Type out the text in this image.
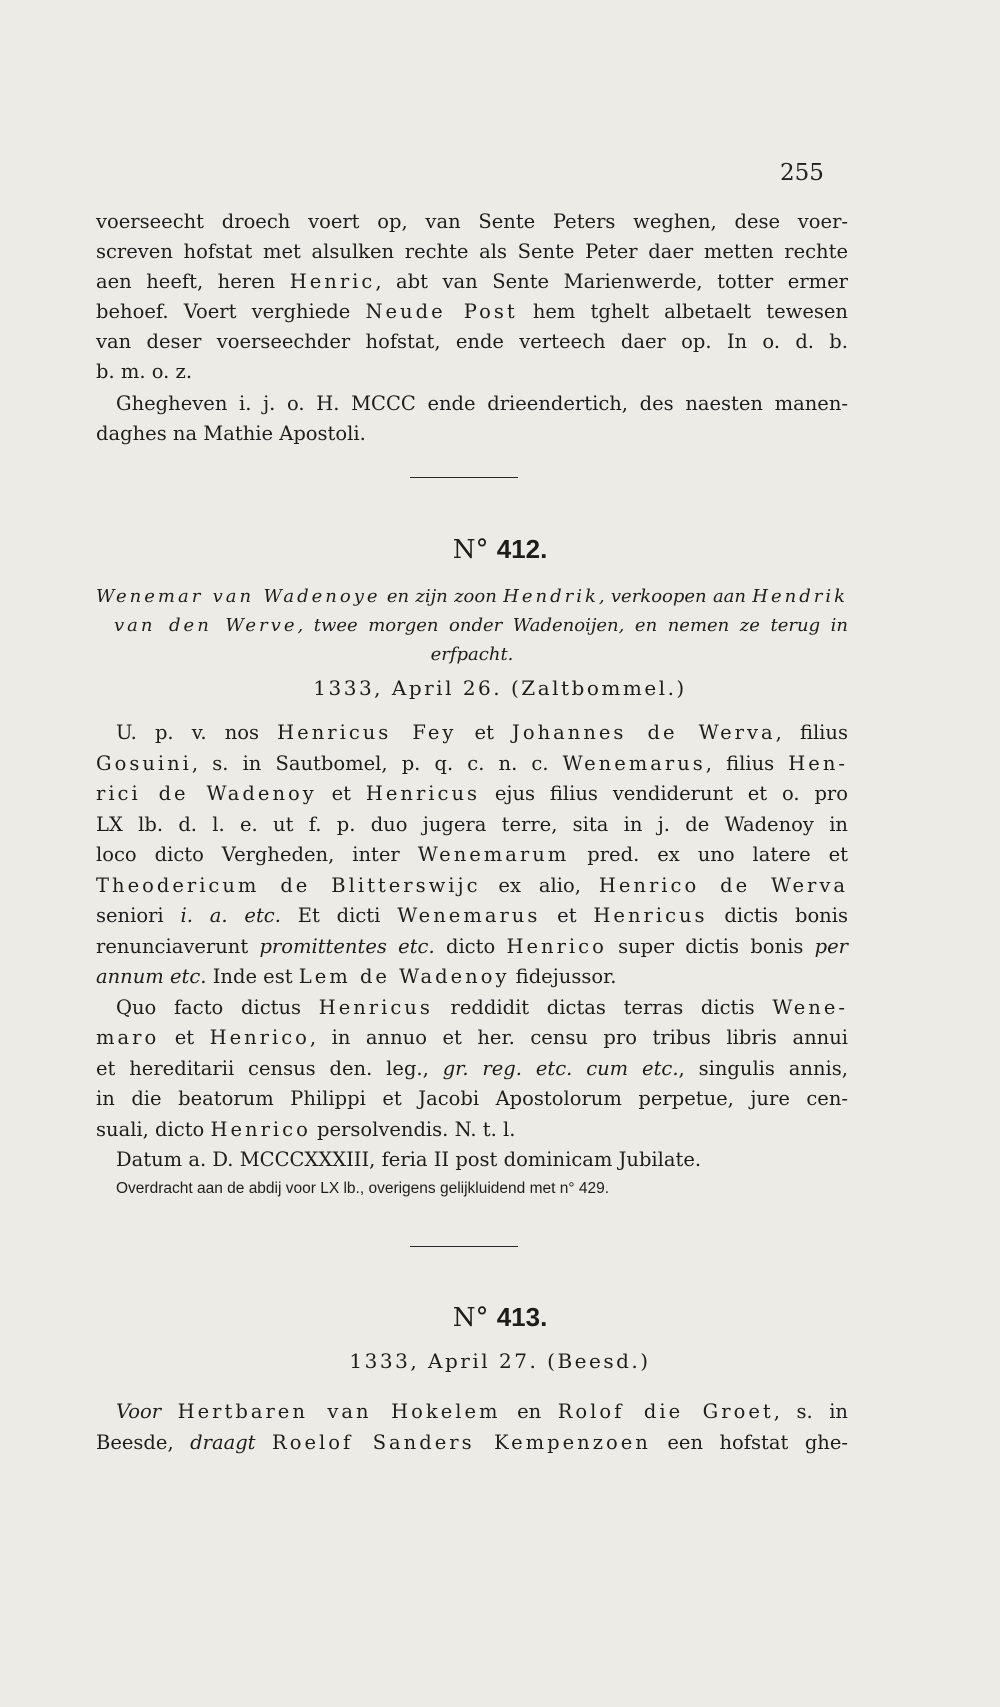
255
voerseecht droech voert op, van Sente Peters weghen, dese voer-
screven hofstat met alsulken rechte als Sente Peter daer metten rechte
aen heeft, heren Henric, abt van Sente Marienwerde, totter ermer
behoef. Voert verghiede Neude Post hem tghelt albetaelt tewesen
van deser voerseechder hofstat, ende verteech daer op. In o. d. b.
b. m. o. z.
Ghegheven i. j. o. H. MCCC ende drieendertich, des naesten manen-
daghes na Mathie Apostoli.
N° 412.
Wenemar van Wadenoye en zijn zoon Hendrik, verkoopen aan Hendrik
van den Werve, twee morgen onder Wadenoijen, en nemen ze terug in
erfpacht.
1333, April 26. (Zaltbommel.)
U. p. v. nos Henricus Fey et Johannes de Werva, filius
Gosuini, s. in Sautbomel, p. q. c. n. c. Wenemarus, filius Hen-
rici de Wadenoy et Henricus ejus filius vendiderunt et o. pro
LX lb. d. l. e. ut f. p. duo jugera terre, sita in j. de Wadenoy in
loco dicto Vergheden, inter Wenemarum pred. ex uno latere et
Theodericum de Blitterswijc ex alio, Henrico de Werva
seniori i. a. etc. Et dicti Wenemarus et Henricus dictis bonis
renunciaverunt promittentes etc. dicto Henrico super dictis bonis per
annum etc. Inde est Lem de Wadenoy fidejussor.
Quo facto dictus Henricus reddidit dictas terras dictis Wene-
maro et Henrico, in annuo et her. censu pro tribus libris annui
et hereditarii census den. leg., gr. reg. etc. cum etc., singulis annis,
in die beatorum Philippi et Jacobi Apostolorum perpetue, jure cen-
suali, dicto Henrico persolvendis. N. t. l.
Datum a. D. MCCCXXXIII, feria II post dominicam Jubilate.
Overdracht aan de abdij voor LX lb., overigens gelijkluidend met n° 429.
N° 413.
1333, April 27. (Beesd.)
Voor Hertbaren van Hokelem en Rolof die Groet, s. in
Beesde, draagt Roelof Sanders Kempenzoen een hofstat ghe-
